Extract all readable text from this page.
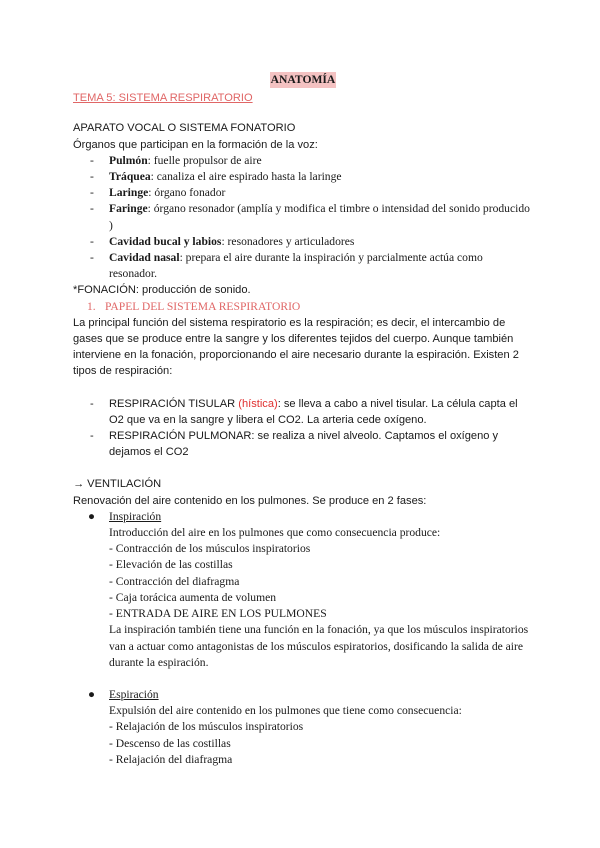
ANATOMÍA
TEMA 5: SISTEMA RESPIRATORIO
APARATO VOCAL O SISTEMA FONATORIO
Órganos que participan en la formación de la voz:
- Pulmón: fuelle propulsor de aire
- Tráquea: canaliza el aire espirado hasta la laringe
- Laringe: órgano fonador
- Faringe: órgano resonador (amplía y modifica el timbre o intensidad del sonido producido )
- Cavidad bucal y labios: resonadores y articuladores
- Cavidad nasal: prepara el aire durante la inspiración y parcialmente actúa como resonador.
*FONACIÓN: producción de sonido.
1. PAPEL DEL SISTEMA RESPIRATORIO
La principal función del sistema respiratorio es la respiración; es decir, el intercambio de gases que se produce entre la sangre y los diferentes tejidos del cuerpo. Aunque también interviene en la fonación, proporcionando el aire necesario durante la espiración. Existen 2 tipos de respiración:
- RESPIRACIÓN TISULAR (hística): se lleva a cabo a nivel tisular. La célula capta el O2 que va en la sangre y libera el CO2. La arteria cede oxígeno.
- RESPIRACIÓN PULMONAR: se realiza a nivel alveolo. Captamos el oxígeno y dejamos el CO2
→ VENTILACIÓN
Renovación del aire contenido en los pulmones. Se produce en 2 fases:
● Inspiración
Introducción del aire en los pulmones que como consecuencia produce:
- Contracción de los músculos inspiratorios
- Elevación de las costillas
- Contracción del diafragma
- Caja torácica aumenta de volumen
- ENTRADA DE AIRE EN LOS PULMONES
La inspiración también tiene una función en la fonación, ya que los músculos inspiratorios van a actuar como antagonistas de los músculos espiratorios, dosificando la salida de aire durante la espiración.
● Espiración
Expulsión del aire contenido en los pulmones que tiene como consecuencia:
- Relajación de los músculos inspiratorios
- Descenso de las costillas
- Relajación del diafragma
